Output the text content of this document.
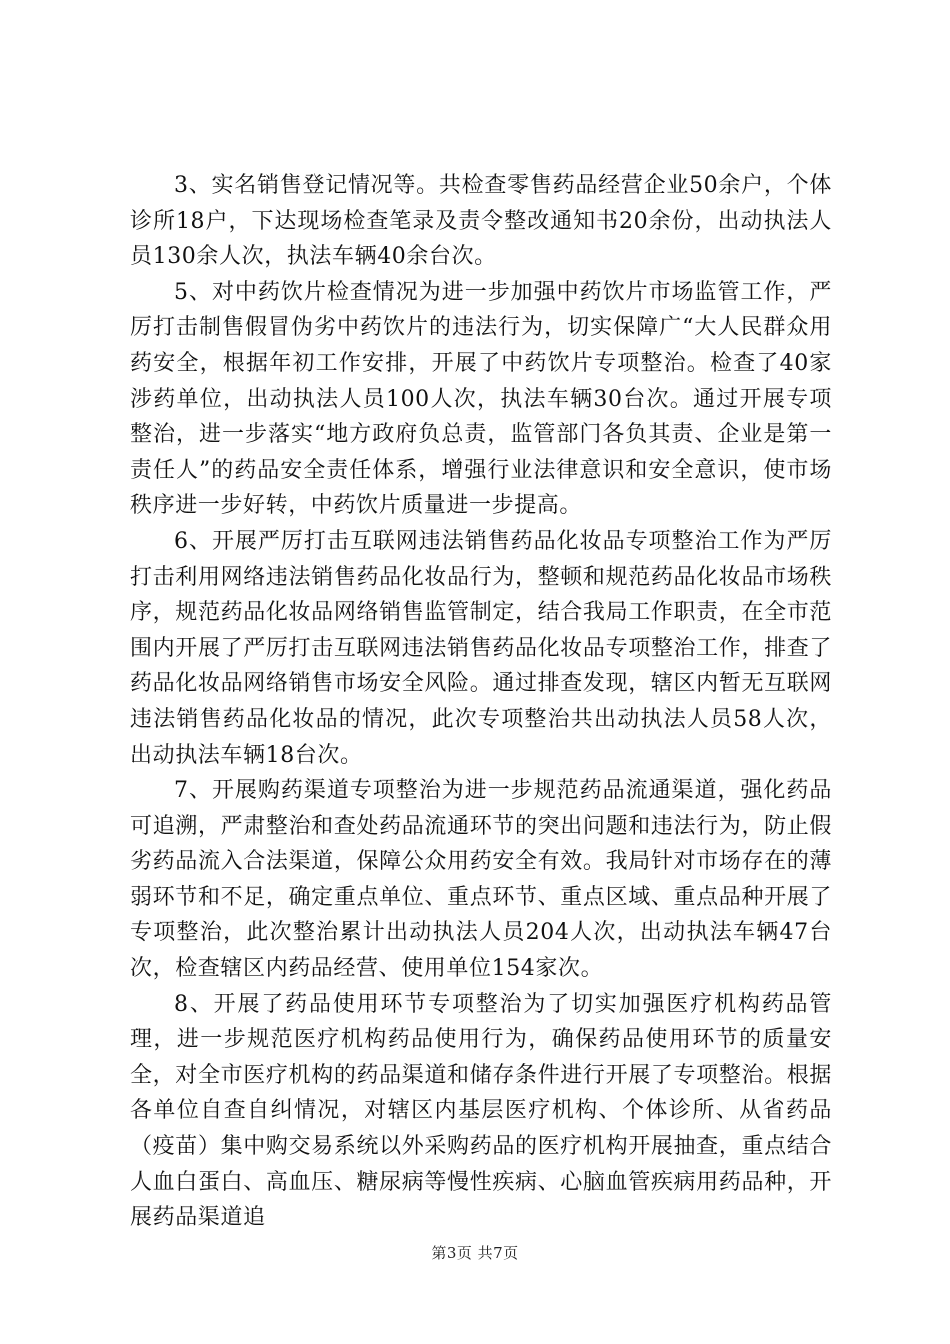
3、实名销售登记情况等。共检查零售药品经营企业50余户，个体诊所18户，下达现场检查笔录及责令整改通知书20余份，出动执法人员130余人次，执法车辆40余台次。

5、对中药饮片检查情况为进一步加强中药饮片市场监管工作，严厉打击制售假冒伪劣中药饮片的违法行为，切实保障广“大人民群众用药安全，根据年初工作安排，开展了中药饮片专项整治。检查了40家涉药单位，出动执法人员100人次，执法车辆30台次。通过开展专项整治，进一步落实“地方政府负总责，监管部门各负其责、企业是第一责任人”的药品安全责任体系，增强行业法律意识和安全意识，使市场秩序进一步好转，中药饮片质量进一步提高。

6、开展严厉打击互联网违法销售药品化妆品专项整治工作为严厉打击利用网络违法销售药品化妆品行为，整顿和规范药品化妆品市场秩序，规范药品化妆品网络销售监管制定，结合我局工作职责，在全市范围内开展了严厉打击互联网违法销售药品化妆品专项整治工作，排查了药品化妆品网络销售市场安全风险。通过排查发现，辖区内暂无互联网违法销售药品化妆品的情况，此次专项整治共出动执法人员58人次，出动执法车辆18台次。

7、开展购药渠道专项整治为进一步规范药品流通渠道，强化药品可追溯，严肃整治和查处药品流通环节的突出问题和违法行为，防止假劣药品流入合法渠道，保障公众用药安全有效。我局针对市场存在的薄弱环节和不足，确定重点单位、重点环节、重点区域、重点品种开展了专项整治，此次整治累计出动执法人员204人次，出动执法车辆47台次，检查辖区内药品经营、使用单位154家次。

8、开展了药品使用环节专项整治为了切实加强医疗机构药品管理，进一步规范医疗机构药品使用行为，确保药品使用环节的质量安全，对全市医疗机构的药品渠道和储存条件进行开展了专项整治。根据各单位自查自纠情况，对辖区内基层医疗机构、个体诊所、从省药品（疫苗）集中购交易系统以外采购药品的医疗机构开展抽查，重点结合人血白蛋白、高血压、糖尿病等慢性疾病、心脑血管疾病用药品种，开展药品渠道追

第3页 共7页
